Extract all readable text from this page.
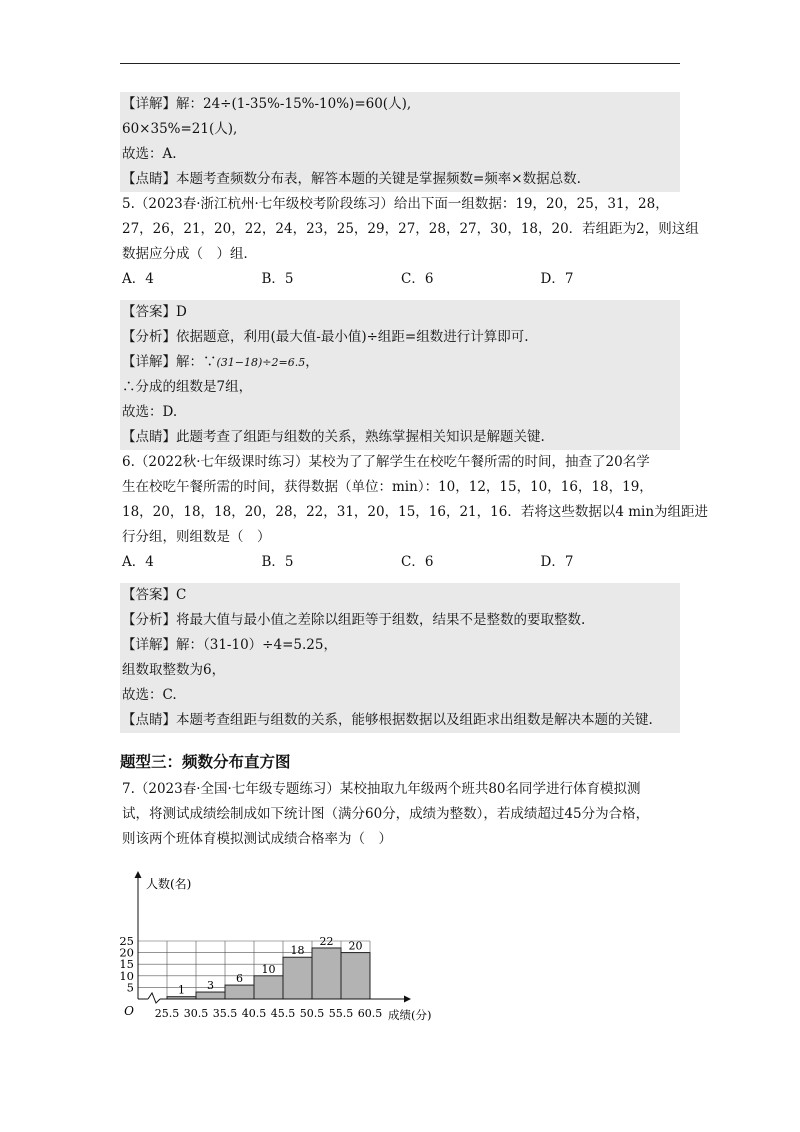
【详解】解：24÷(1-35%-15%-10%)=60(人),
60×35%=21(人),
故选：A.
【点睛】本题考查频数分布表，解答本题的关键是掌握频数=频率×数据总数.
5.（2023春·浙江杭州·七年级校考阶段练习）给出下面一组数据：19，20，25，31，28，
27，26，21，20，22，24，23，25，29，27，28，27，30，18，20．若组距为2，则这组
数据应分成（　）组．
A．4	B．5	C．6	D．7
【答案】D
【分析】依据题意，利用(最大值-最小值)÷组距=组数进行计算即可.
【详解】解：∵(31−18)÷2=6.5，
∴分成的组数是7组，
故选：D.
【点睛】此题考查了组距与组数的关系，熟练掌握相关知识是解题关键.
6.（2022秋·七年级课时练习）某校为了了解学生在校吃午餐所需的时间，抽查了20名学
生在校吃午餐所需的时间，获得数据（单位：min）：10，12，15，10，16，18，19，
18，20，18，18，20，28，22，31，20，15，16，21，16．若将这些数据以4 min为组距进
行分组，则组数是（　）
A．4	B．5	C．6	D．7
【答案】C
【分析】将最大值与最小值之差除以组距等于组数，结果不是整数的要取整数.
【详解】解：（31-10）÷4=5.25，
组数取整数为6，
故选：C.
【点睛】本题考查组距与组数的关系，能够根据数据以及组距求出组数是解决本题的关键.
题型三：频数分布直方图
7.（2023春·全国·七年级专题练习）某校抽取九年级两个班共80名同学进行体育模拟测
试，将测试成绩绘制成如下统计图（满分60分，成绩为整数），若成绩超过45分为合格，
则该两个班体育模拟测试成绩合格率为（　）
1 3
6
10
18
22 20
5
10
15
20
25
25.5 30.5 35.5 40.5 45.5 50.5 55.5 60.5
O
人数(名)
成绩(分)
